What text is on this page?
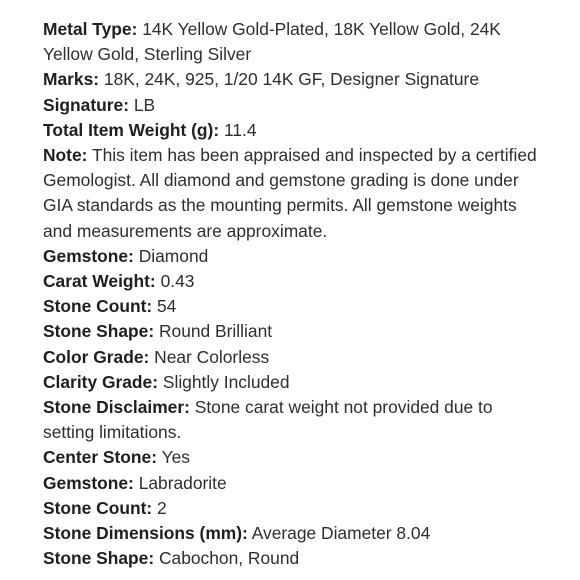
Metal Type: 14K Yellow Gold-Plated, 18K Yellow Gold, 24K Yellow Gold, Sterling Silver

Marks: 18K, 24K, 925, 1/20 14K GF, Designer Signature

Signature: LB

Total Item Weight (g): 11.4

Note: This item has been appraised and inspected by a certified Gemologist. All diamond and gemstone grading is done under GIA standards as the mounting permits. All gemstone weights and measurements are approximate.

Gemstone: Diamond

Carat Weight: 0.43

Stone Count: 54

Stone Shape: Round Brilliant

Color Grade: Near Colorless

Clarity Grade: Slightly Included

Stone Disclaimer: Stone carat weight not provided due to setting limitations.

Center Stone: Yes

Gemstone: Labradorite

Stone Count: 2

Stone Dimensions (mm): Average Diameter 8.04

Stone Shape: Cabochon, Round
